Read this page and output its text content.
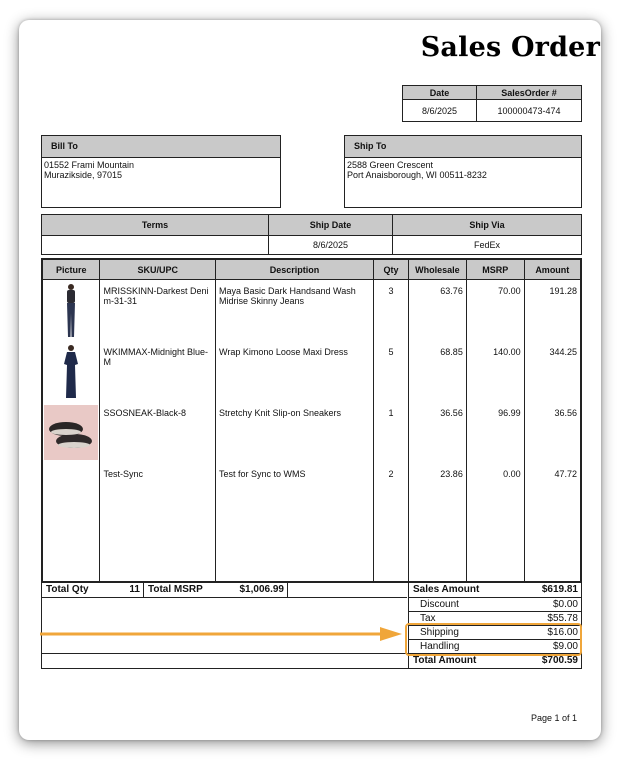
Sales Order
Date	SalesOrder #
8/6/2025	100000473-474
Bill To
01552 Frami Mountain
Murazikside, 97015
Ship To
2588 Green Crescent
Port Anaisborough, WI 00511-8232
Terms	Ship Date	Ship Via
	8/6/2025	FedEx
Picture	SKU/UPC	Description	Qty	Wholesale	MSRP	Amount

	MRISSKINN-Darkest Deni m-31-31	Maya Basic Dark Handsand Wash Midrise Skinny Jeans	3	63.76	70.00	191.28

	WKIMMAX-Midnight Blue-M	Wrap Kimono Loose Maxi Dress	5	68.85	140.00	344.25

	SSOSNEAK-Black-8	Stretchy Knit Slip-on Sneakers	1	36.56	96.99	36.56
	Test-Sync	Test for Sync to WMS	2	23.86	0.00	47.72
Total Qty	11 Total MSRP	$1,006.99	Sales Amount	$619.81
Discount	$0.00
Tax	$55.78
Shipping	$16.00
Handling	$9.00
Total Amount	$700.59
Page 1 of 1
